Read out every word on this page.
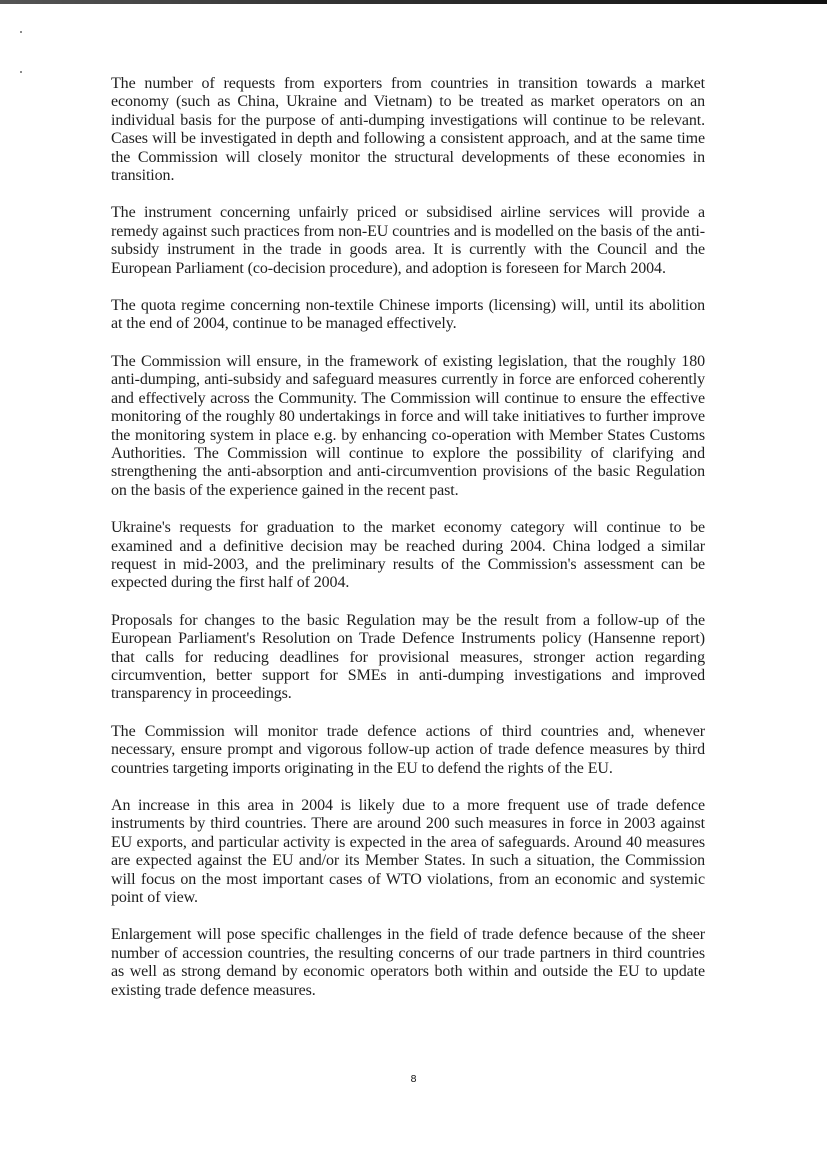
The number of requests from exporters from countries in transition towards a market economy (such as China, Ukraine and Vietnam) to be treated as market operators on an individual basis for the purpose of anti-dumping investigations will continue to be relevant. Cases will be investigated in depth and following a consistent approach, and at the same time the Commission will closely monitor the structural developments of these economies in transition.

The instrument concerning unfairly priced or subsidised airline services will provide a remedy against such practices from non-EU countries and is modelled on the basis of the anti-subsidy instrument in the trade in goods area. It is currently with the Council and the European Parliament (co-decision procedure), and adoption is foreseen for March 2004.

The quota regime concerning non-textile Chinese imports (licensing) will, until its abolition at the end of 2004, continue to be managed effectively.

The Commission will ensure, in the framework of existing legislation, that the roughly 180 anti-dumping, anti-subsidy and safeguard measures currently in force are enforced coherently and effectively across the Community. The Commission will continue to ensure the effective monitoring of the roughly 80 undertakings in force and will take initiatives to further improve the monitoring system in place e.g. by enhancing co-operation with Member States Customs Authorities. The Commission will continue to explore the possibility of clarifying and strengthening the anti-absorption and anti-circumvention provisions of the basic Regulation on the basis of the experience gained in the recent past.

Ukraine's requests for graduation to the market economy category will continue to be examined and a definitive decision may be reached during 2004. China lodged a similar request in mid-2003, and the preliminary results of the Commission's assessment can be expected during the first half of 2004.

Proposals for changes to the basic Regulation may be the result from a follow-up of the European Parliament's Resolution on Trade Defence Instruments policy (Hansenne report) that calls for reducing deadlines for provisional measures, stronger action regarding circumvention, better support for SMEs in anti-dumping investigations and improved transparency in proceedings.

The Commission will monitor trade defence actions of third countries and, whenever necessary, ensure prompt and vigorous follow-up action of trade defence measures by third countries targeting imports originating in the EU to defend the rights of the EU.

An increase in this area in 2004 is likely due to a more frequent use of trade defence instruments by third countries. There are around 200 such measures in force in 2003 against EU exports, and particular activity is expected in the area of safeguards. Around 40 measures are expected against the EU and/or its Member States. In such a situation, the Commission will focus on the most important cases of WTO violations, from an economic and systemic point of view.

Enlargement will pose specific challenges in the field of trade defence because of the sheer number of accession countries, the resulting concerns of our trade partners in third countries as well as strong demand by economic operators both within and outside the EU to update existing trade defence measures.

8
